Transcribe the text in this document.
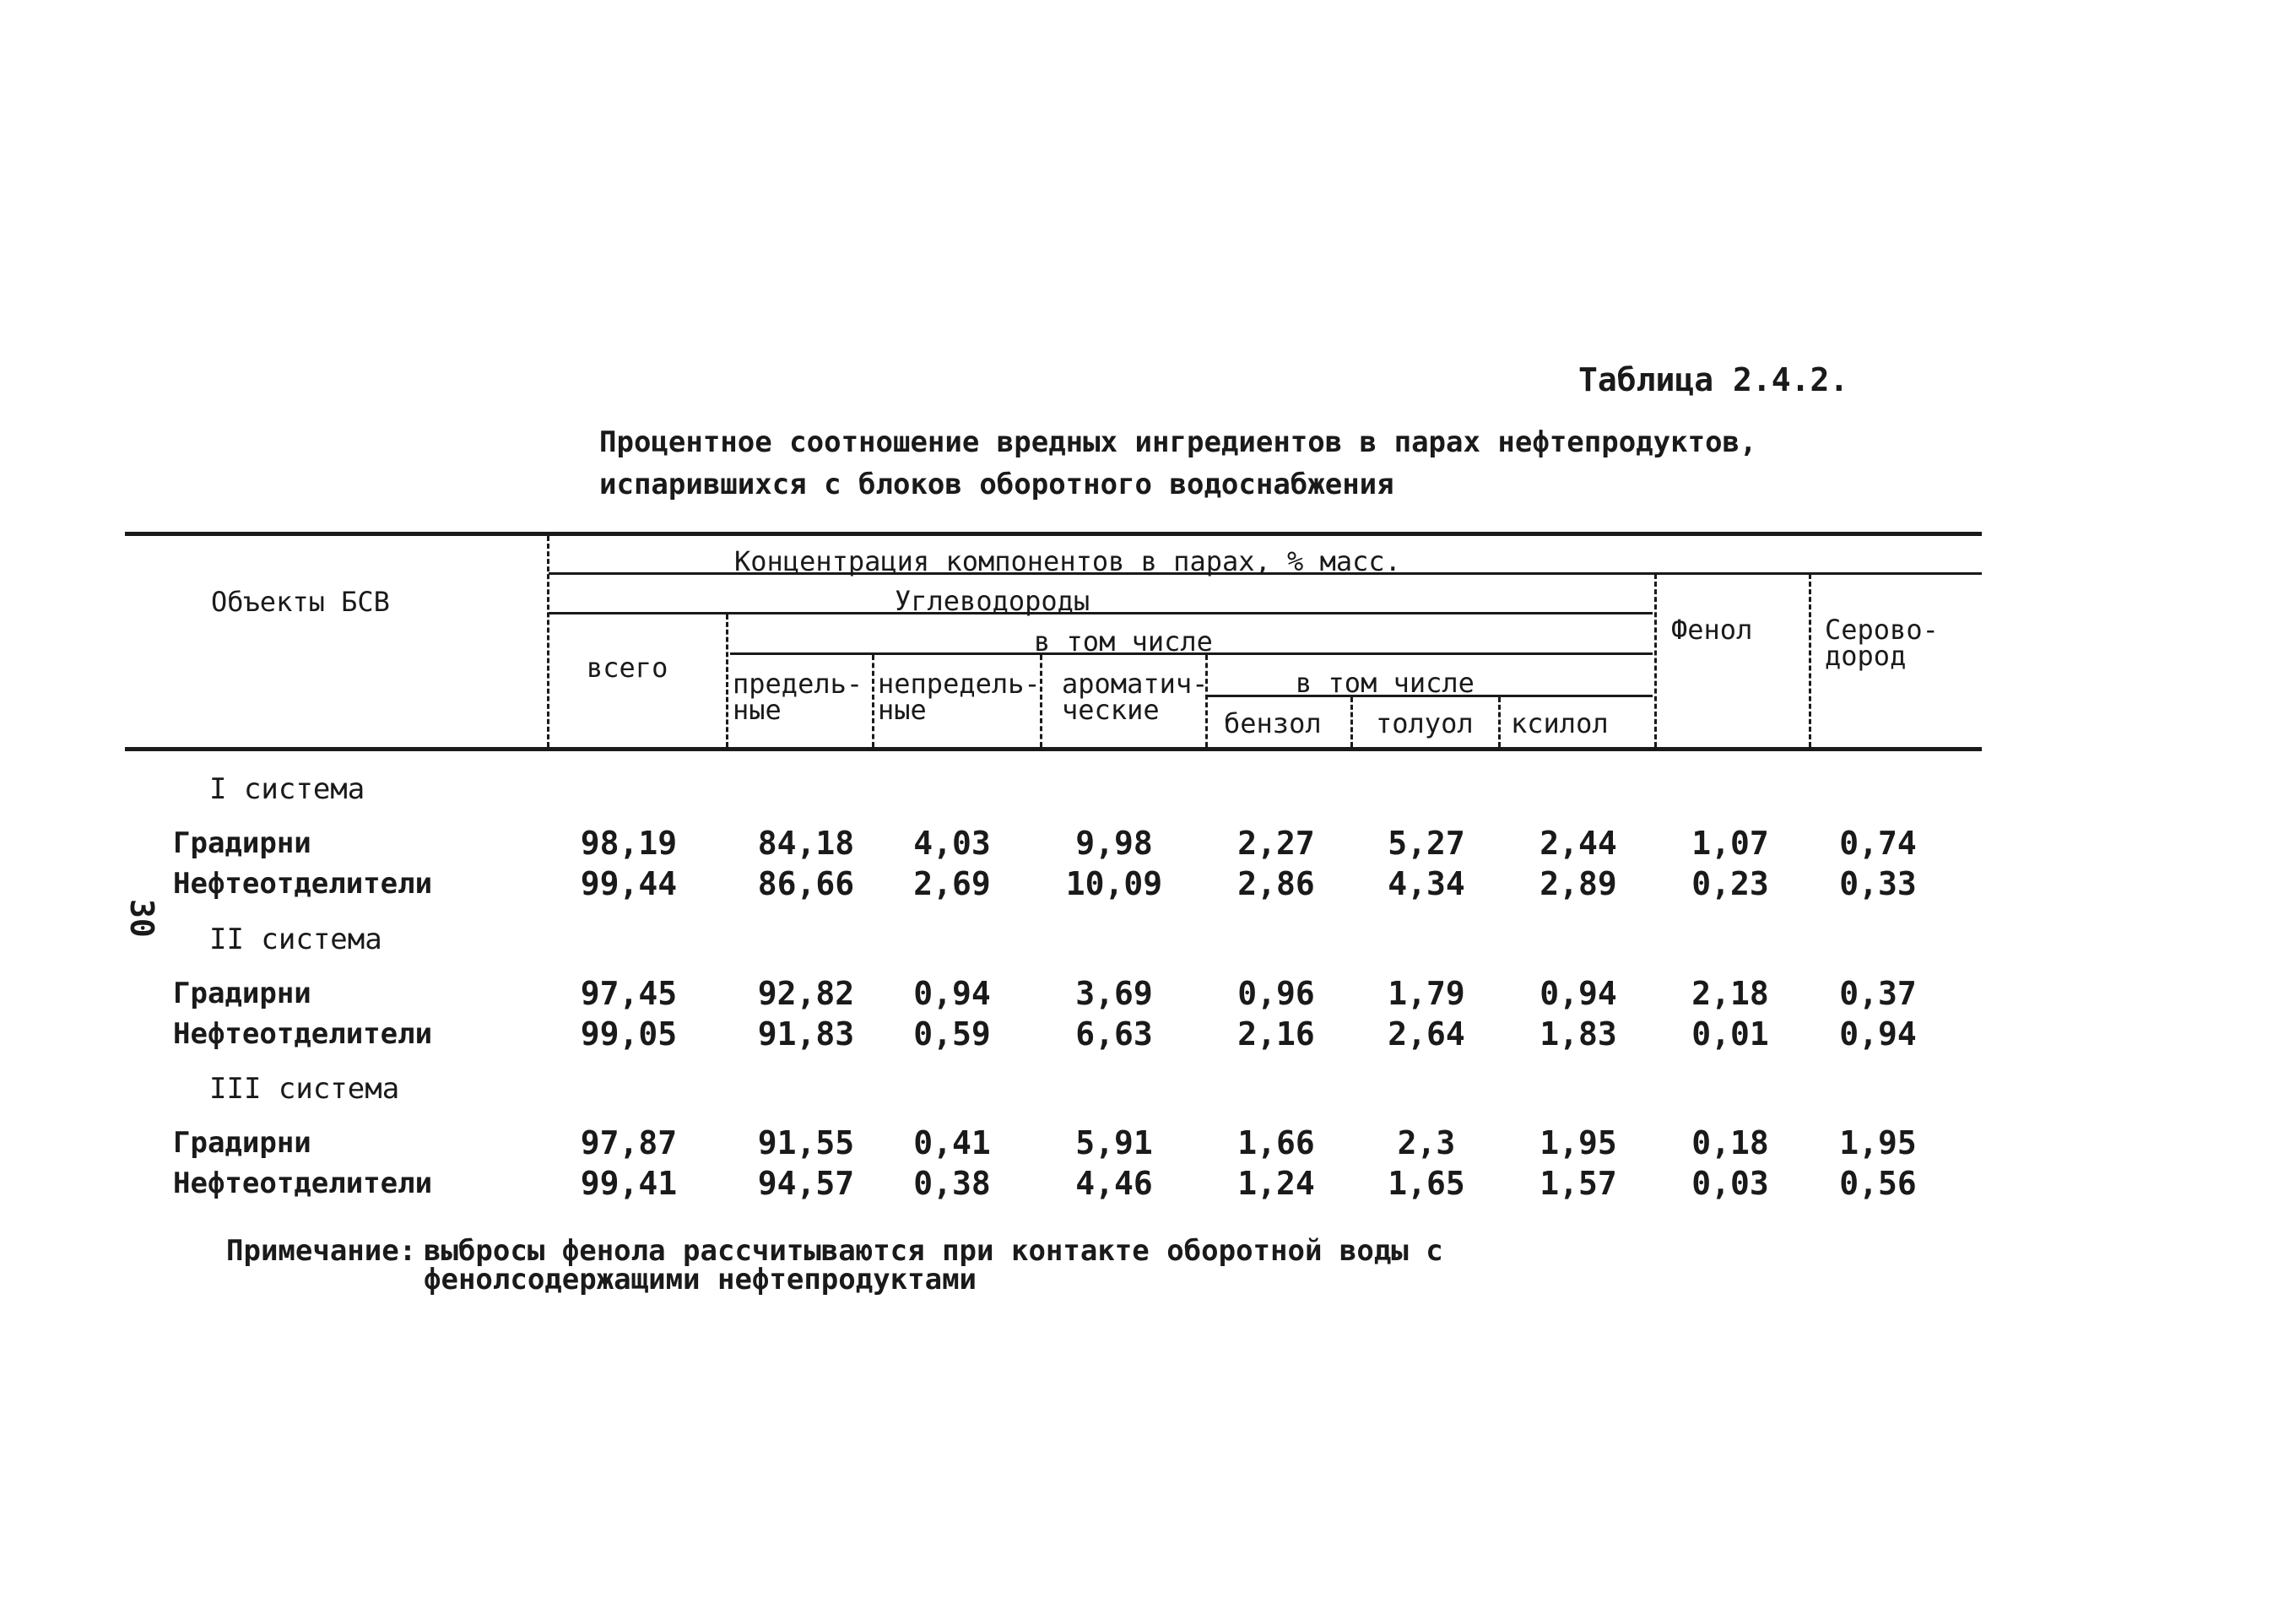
Таблица 2.4.2.
Процентное соотношение вредных ингредиентов в парах нефтепродуктов,
испарившихся с блоков оборотного водоснабжения
30
Объекты БСВ
Концентрация компонентов в парах, % масс.
Углеводороды
всего
в том числе
предель-
ные
непредель-
ные
ароматич-
ческие
в том числе
бензол толуол ксилол
Фенол	Серово-
дород
I система
Градирни	98,19	84,18	4,03	9,98	2,27	5,27	2,44	1,07	0,74
Нефтеотделители	99,44	86,66	2,69	10,09	2,86	4,34	2,89	0,23	0,33
II система
Градирни	97,45	92,82	0,94	3,69	0,96	1,79	0,94	2,18	0,37
Нефтеотделители	99,05	91,83	0,59	6,63	2,16	2,64	1,83	0,01	0,94
III система
Градирни	97,87	91,55	0,41	5,91	1,66	2,3	1,95	0,18	1,95
Нефтеотделители	99,41	94,57	0,38	4,46	1,24	1,65	1,57	0,03	0,56
Примечание: выбросы фенола рассчитываются при контакте оборотной воды с
фенолсодержащими нефтепродуктами
